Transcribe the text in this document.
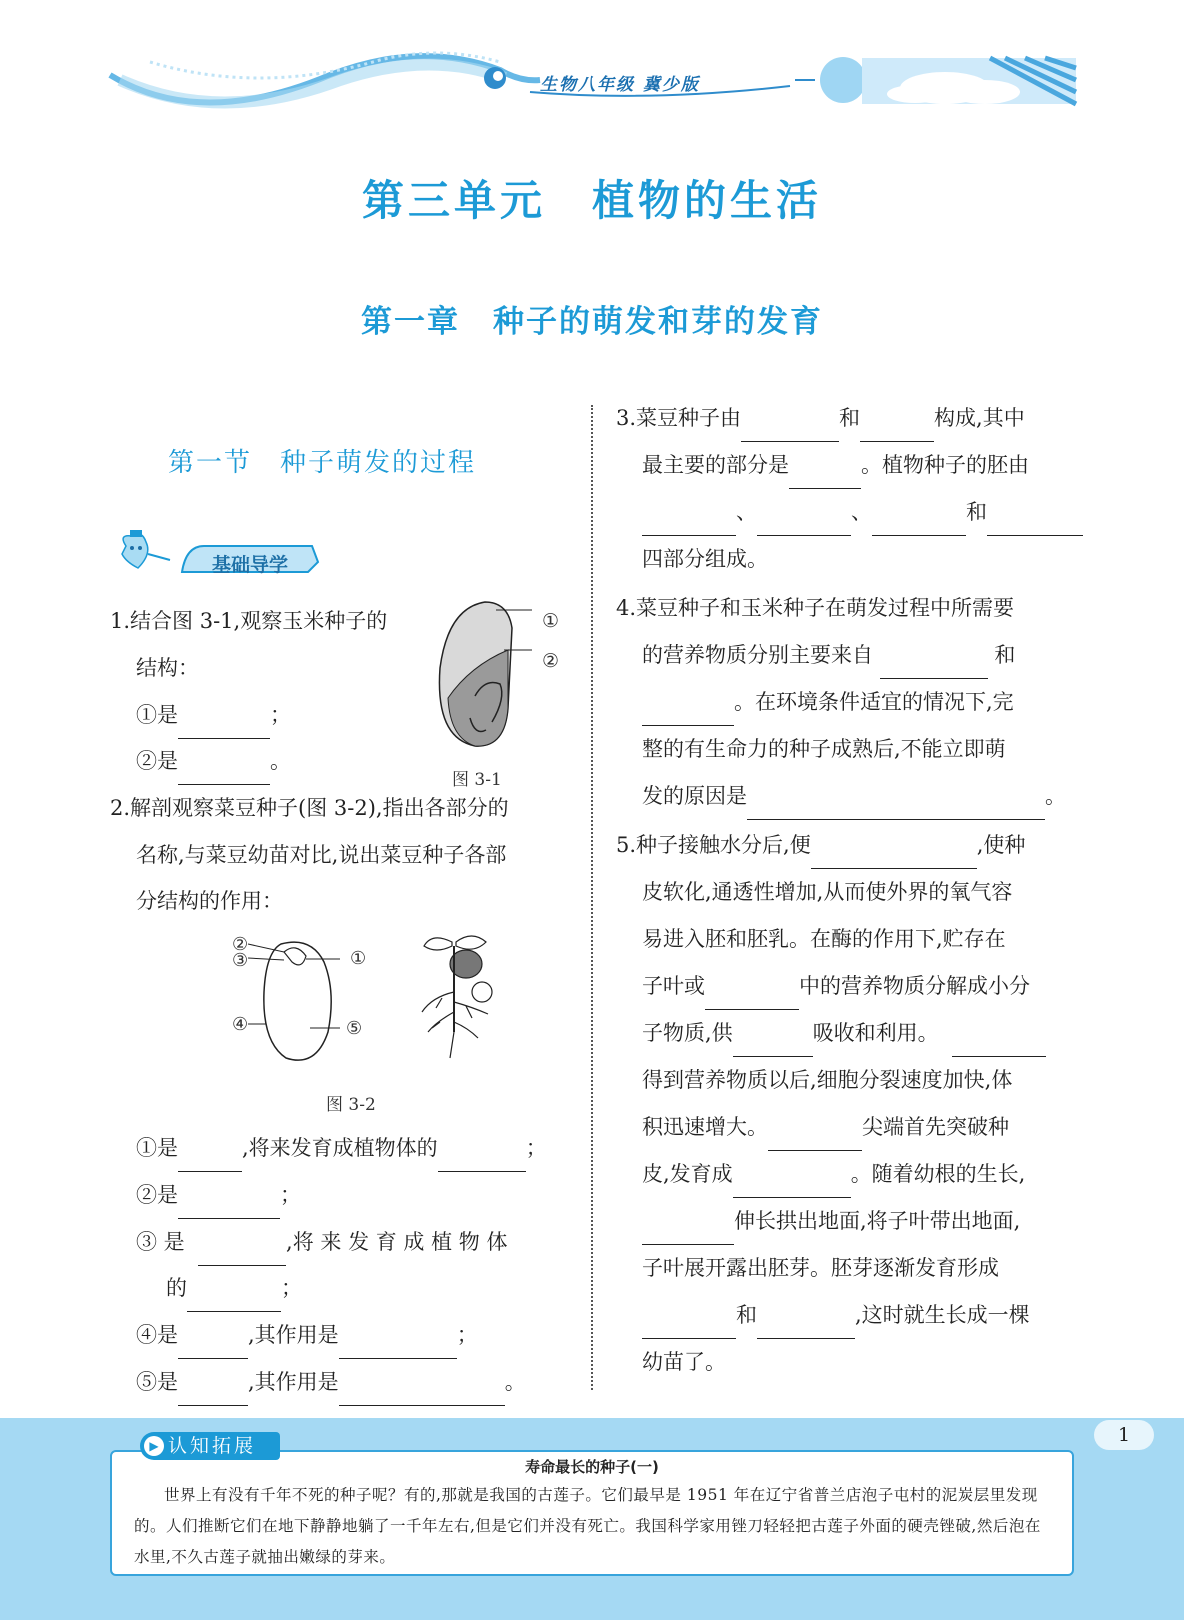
生物八年级 冀少版
第三单元　植物的生活
第一章　种子的萌发和芽的发育
第一节　种子萌发的过程
基础导学
1.结合图 3-1,观察玉米种子的
结构：
①是	；
②是	。
①
②
图 3-1
2.解剖观察菜豆种子(图 3-2),指出各部分的
名称,与菜豆幼苗对比,说出菜豆种子各部
分结构的作用：
②
③	①
④	⑤
图 3-2
①是	,将来发育成植物体的	；
②是	；
③ 是	,将 来 发 育 成 植 物 体
的	；
④是	,其作用是	；
⑤是	,其作用是	。
3.菜豆种子由	和	构成,其中
最主要的部分是	。植物种子的胚由
、	、	和
四部分组成。
4.菜豆种子和玉米种子在萌发过程中所需要
的营养物质分别主要来自	和
。在环境条件适宜的情况下,完
整的有生命力的种子成熟后,不能立即萌
发的原因是	。
5.种子接触水分后,便	,使种
皮软化,通透性增加,从而使外界的氧气容
易进入胚和胚乳。在酶的作用下,贮存在
子叶或	中的营养物质分解成小分
子物质,供	吸收和利用。
得到营养物质以后,细胞分裂速度加快,体
积迅速增大。	尖端首先突破种
皮,发育成	。随着幼根的生长,
伸长拱出地面,将子叶带出地面,
子叶展开露出胚芽。胚芽逐渐发育形成
和	,这时就生长成一棵
幼苗了。
1
▶ 认知拓展
寿命最长的种子(一)
世界上有没有千年不死的种子呢？有的,那就是我国的古莲子。它们最早是 1951 年在辽宁省普兰店泡子屯村的泥炭层里发现的。人们推断它们在地下静静地躺了一千年左右,但是它们并没有死亡。我国科学家用锉刀轻轻把古莲子外面的硬壳锉破,然后泡在水里,不久古莲子就抽出嫩绿的芽来。
